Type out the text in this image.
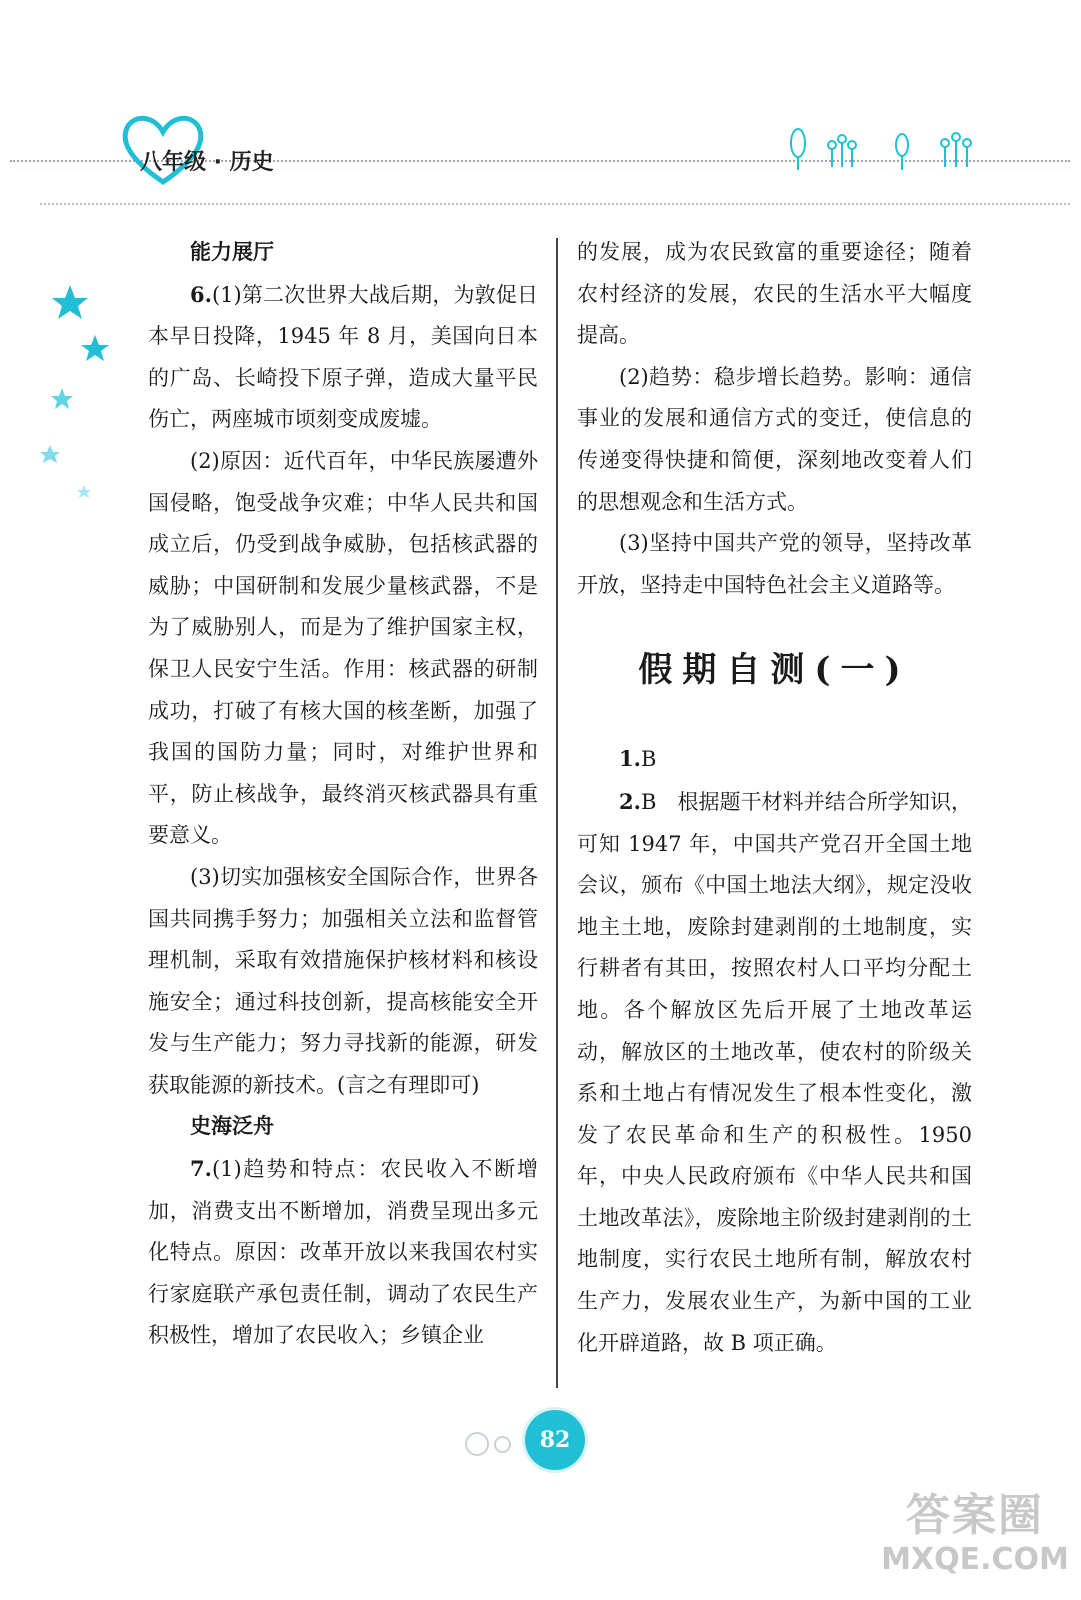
八年级 · 历史

能力展厅

6.(1)第二次世界大战后期，为敦促日本早日投降，1945 年 8 月，美国向日本的广岛、长崎投下原子弹，造成大量平民伤亡，两座城市顷刻变成废墟。

(2)原因：近代百年，中华民族屡遭外国侵略，饱受战争灾难；中华人民共和国成立后，仍受到战争威胁，包括核武器的威胁；中国研制和发展少量核武器，不是为了威胁别人，而是为了维护国家主权，保卫人民安宁生活。作用：核武器的研制成功，打破了有核大国的核垄断，加强了我国的国防力量；同时，对维护世界和平，防止核战争，最终消灭核武器具有重要意义。

(3)切实加强核安全国际合作，世界各国共同携手努力；加强相关立法和监督管理机制，采取有效措施保护核材料和核设施安全；通过科技创新，提高核能安全开发与生产能力；努力寻找新的能源，研发获取能源的新技术。(言之有理即可)

史海泛舟

7.(1)趋势和特点：农民收入不断增加，消费支出不断增加，消费呈现出多元化特点。原因：改革开放以来我国农村实行家庭联产承包责任制，调动了农民生产积极性，增加了农民收入；乡镇企业

的发展，成为农民致富的重要途径；随着农村经济的发展，农民的生活水平大幅度提高。

(2)趋势：稳步增长趋势。影响：通信事业的发展和通信方式的变迁，使信息的传递变得快捷和简便，深刻地改变着人们的思想观念和生活方式。

(3)坚持中国共产党的领导，坚持改革开放，坚持走中国特色社会主义道路等。

假期自测(一)

1.B

2.B　根据题干材料并结合所学知识，可知 1947 年，中国共产党召开全国土地会议，颁布《中国土地法大纲》，规定没收地主土地，废除封建剥削的土地制度，实行耕者有其田，按照农村人口平均分配土地。各个解放区先后开展了土地改革运动，解放区的土地改革，使农村的阶级关系和土地占有情况发生了根本性变化，激发了农民革命和生产的积极性。1950 年，中央人民政府颁布《中华人民共和国土地改革法》，废除地主阶级封建剥削的土地制度，实行农民土地所有制，解放农村生产力，发展农业生产，为新中国的工业化开辟道路，故 B 项正确。

82
答案圈
MXQE.COM
